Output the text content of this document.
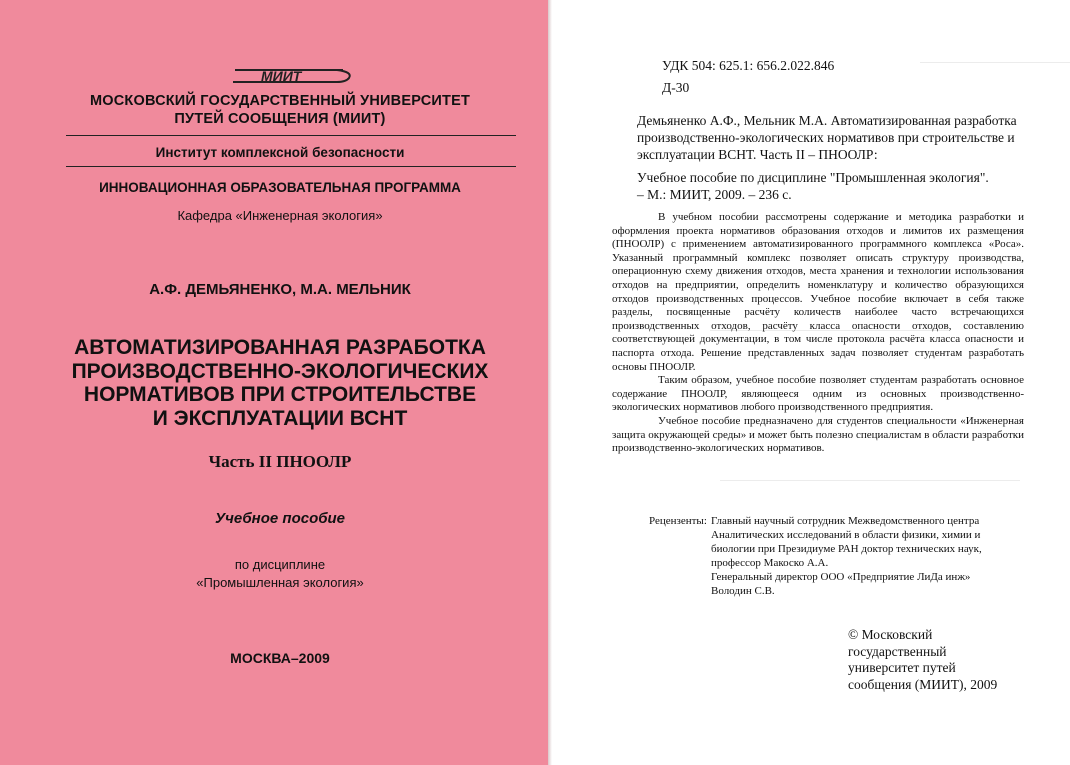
МИИТ
МОСКОВСКИЙ ГОСУДАРСТВЕННЫЙ УНИВЕРСИТЕТ
ПУТЕЙ СООБЩЕНИЯ (МИИТ)
Институт комплексной безопасности
ИННОВАЦИОННАЯ ОБРАЗОВАТЕЛЬНАЯ ПРОГРАММА
Кафедра «Инженерная экология»
А.Ф. ДЕМЬЯНЕНКО, М.А. МЕЛЬНИК
АВТОМАТИЗИРОВАННАЯ РАЗРАБОТКА
ПРОИЗВОДСТВЕННО-ЭКОЛОГИЧЕСКИХ
НОРМАТИВОВ ПРИ СТРОИТЕЛЬСТВЕ
И ЭКСПЛУАТАЦИИ ВСНТ
Часть II ПНООЛР
Учебное пособие
по дисциплине
«Промышленная экология»
МОСКВА–2009
УДК 504: 625.1: 656.2.022.846
Д-30
Демьяненко А.Ф., Мельник М.А. Автоматизированная разработка производственно-экологических нормативов при строительстве и эксплуатации ВСНТ. Часть II – ПНООЛР:
Учебное пособие по дисциплине "Промышленная экология".
– М.: МИИТ, 2009. – 236 с.

В учебном пособии рассмотрены содержание и методика разработки и оформления проекта нормативов образования отходов и лимитов их размещения (ПНООЛР) с применением автоматизированного программного комплекса «Роса». Указанный программный комплекс позволяет описать структуру производства, операционную схему движения отходов, места хранения и технологии использования отходов на предприятии, определить номенклатуру и количество образующихся отходов производственных процессов. Учебное пособие включает в себя также разделы, посвященные расчёту количеств наиболее часто встречающихся производственных отходов, расчёту класса опасности отходов, составлению соответствующей документации, в том числе протокола расчёта класса опасности и паспорта отхода. Решение представленных задач позволяет студентам разработать основы ПНООЛР.

Таким образом, учебное пособие позволяет студентам разработать основное содержание ПНООЛР, являющееся одним из основных производственно-экологических нормативов любого производственного предприятия.

Учебное пособие предназначено для студентов специальности «Инженерная защита окружающей среды» и может быть полезно специалистам в области разработки производственно-экологических нормативов.

Рецензенты: Главный научный сотрудник Межведомственного центра
Аналитических исследований в области физики, химии и
биологии при Президиуме РАН доктор технических наук,
профессор Макоско А.А.
Генеральный директор ООО «Предприятие ЛиДа инж»
Володин С.В.
© Московский
государственный
университет путей
сообщения (МИИТ), 2009
